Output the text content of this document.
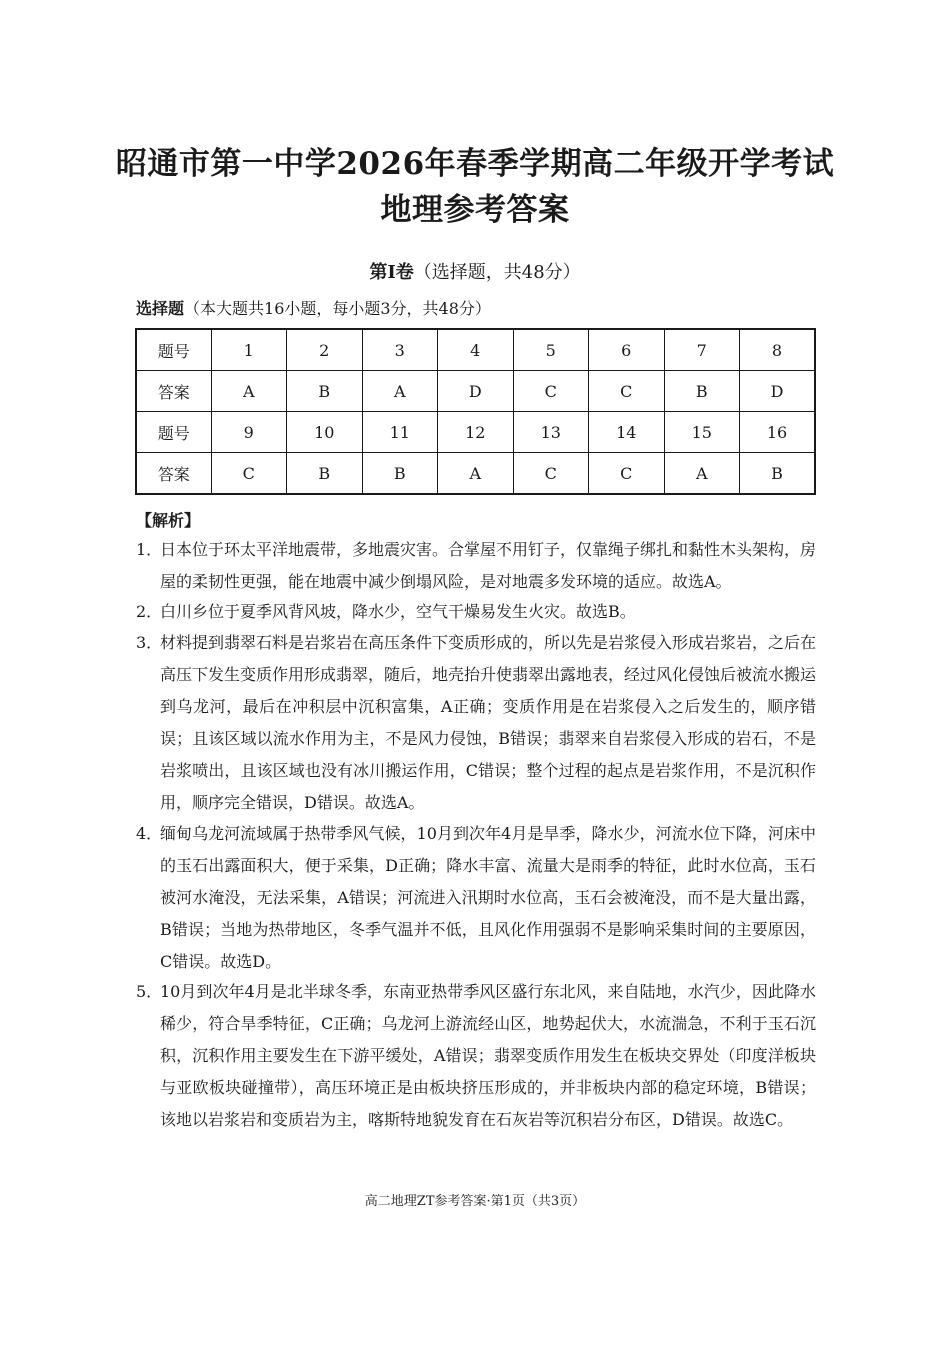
昭通市第一中学2026年春季学期高二年级开学考试
地理参考答案
第Ⅰ卷（选择题，共48分）
选择题（本大题共16小题，每小题3分，共48分）
题号	1	2	3	4	5	6	7	8
答案	A	B	A	D	C	C	B	D
题号	9	10	11	12	13	14	15	16
答案	C	B	B	A	C	C	A	B
【解析】
1．
日本位于环太平洋地震带，多地震灾害。合掌屋不用钉子，仅靠绳子绑扎和黏性木头架构，房屋的柔韧性更强，能在地震中减少倒塌风险，是对地震多发环境的适应。故选A。
2．
白川乡位于夏季风背风坡，降水少，空气干燥易发生火灾。故选B。
3．
材料提到翡翠石料是岩浆岩在高压条件下变质形成的，所以先是岩浆侵入形成岩浆岩，之后在高压下发生变质作用形成翡翠，随后，地壳抬升使翡翠出露地表，经过风化侵蚀后被流水搬运到乌龙河，最后在冲积层中沉积富集，A正确；变质作用是在岩浆侵入之后发生的，顺序错误；且该区域以流水作用为主，不是风力侵蚀，B错误；翡翠来自岩浆侵入形成的岩石，不是岩浆喷出，且该区域也没有冰川搬运作用，C错误；整个过程的起点是岩浆作用，不是沉积作用，顺序完全错误，D错误。故选A。
4．
缅甸乌龙河流域属于热带季风气候，10月到次年4月是旱季，降水少，河流水位下降，河床中的玉石出露面积大，便于采集，D正确；降水丰富、流量大是雨季的特征，此时水位高，玉石被河水淹没，无法采集，A错误；河流进入汛期时水位高，玉石会被淹没，而不是大量出露，B错误；当地为热带地区，冬季气温并不低，且风化作用强弱不是影响采集时间的主要原因，C错误。故选D。
5．
10月到次年4月是北半球冬季，东南亚热带季风区盛行东北风，来自陆地，水汽少，因此降水稀少，符合旱季特征，C正确；乌龙河上游流经山区，地势起伏大，水流湍急，不利于玉石沉积，沉积作用主要发生在下游平缓处，A错误；翡翠变质作用发生在板块交界处（印度洋板块与亚欧板块碰撞带），高压环境正是由板块挤压形成的，并非板块内部的稳定环境，B错误；该地以岩浆岩和变质岩为主，喀斯特地貌发育在石灰岩等沉积岩分布区，D错误。故选C。
高二地理ZT参考答案·第1页（共3页）
